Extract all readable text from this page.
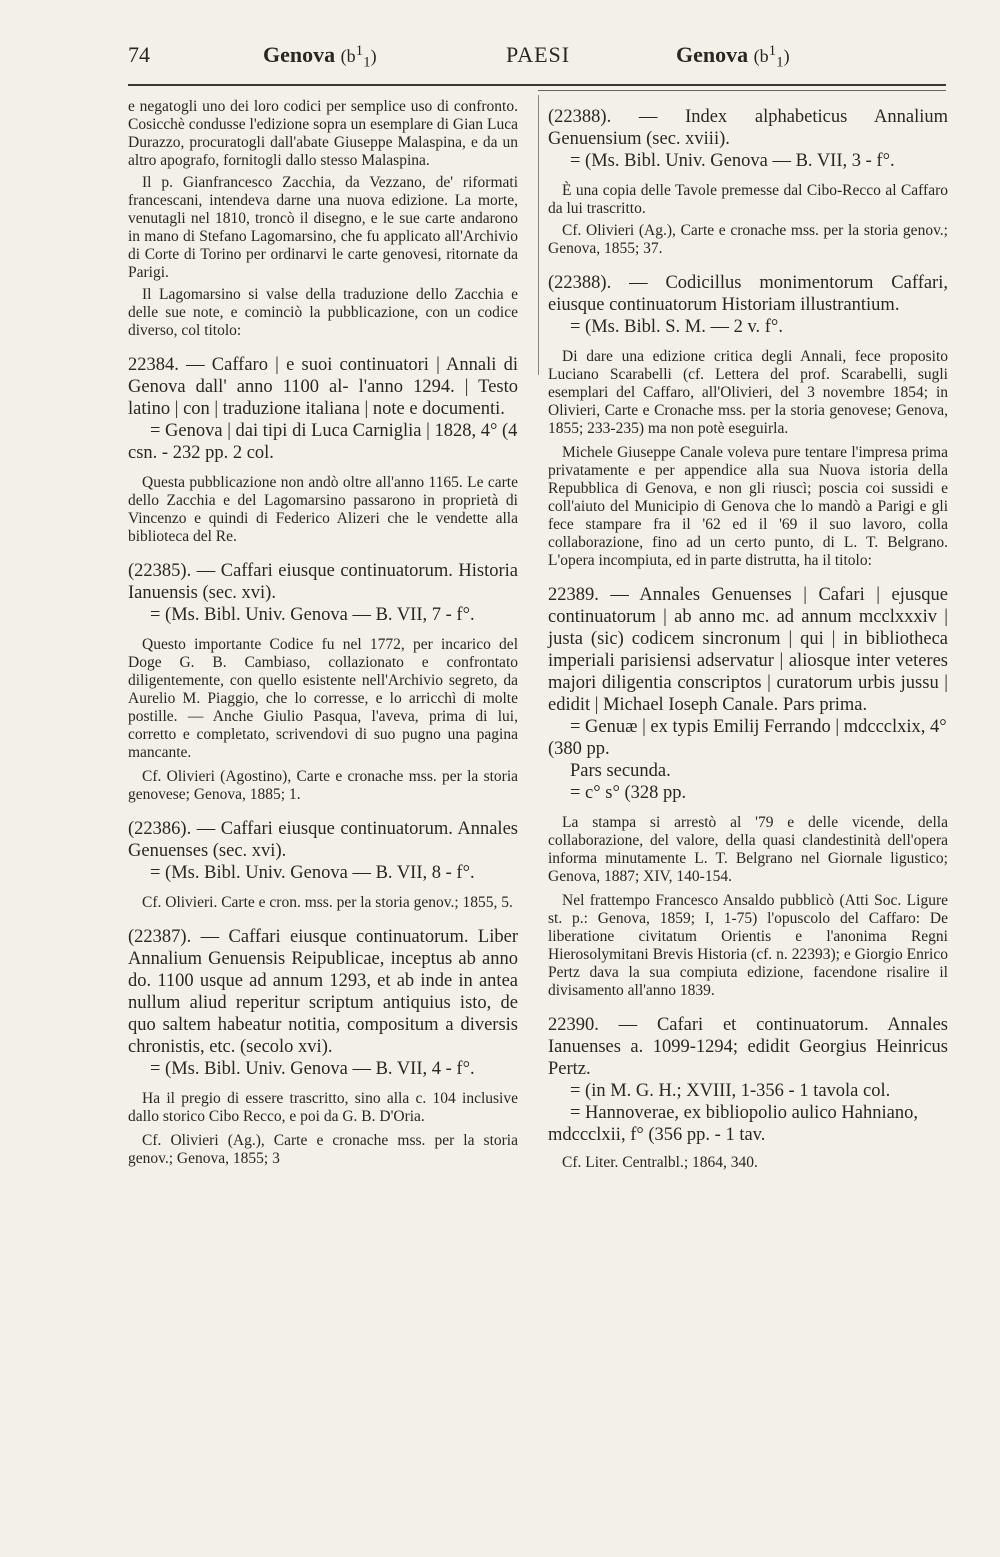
74	Genova $(b^1_1)$	PAESI	Genova $(b^1_1)$

e negatogli uno dei loro codici per semplice uso di confronto. Cosicchè condusse l'edizione sopra un esemplare di Gian Luca Durazzo, procuratogli dall'abate Giuseppe Malaspina, e da un altro apografo, fornitogli dallo stesso Malaspina.

Il p. Gianfrancesco Zacchia, da Vezzano, de' riformati francescani, intendeva darne una nuova edizione. La morte, venutagli nel 1810, troncò il disegno, e le sue carte andarono in mano di Stefano Lagomarsino, che fu applicato all'Archivio di Corte di Torino per ordinarvi le carte genovesi, ritornate da Parigi.

Il Lagomarsino si valse della traduzione dello Zacchia e delle sue note, e cominciò la pubblicazione, con un codice diverso, col titolo:

22384. — Caffaro | e suoi continuatori | Annali di Genova dall' anno 1100 al- l'anno 1294. | Testo latino | con | traduzione italiana | note e documenti.

= Genova | dai tipi di Luca Carniglia | 1828, 4° (4 csn. - 232 pp. 2 col.

Questa pubblicazione non andò oltre all'anno 1165. Le carte dello Zacchia e del Lagomarsino passarono in proprietà di Vincenzo e quindi di Federico Alizeri che le vendette alla biblioteca del Re.

(22385). — Caffari eiusque continuatorum. Historia Ianuensis (sec. xvi).

= (Ms. Bibl. Univ. Genova — B. VII, 7 - f°.

Questo importante Codice fu nel 1772, per incarico del Doge G. B. Cambiaso, collazionato e confrontato diligentemente, con quello esistente nell'Archivio segreto, da Aurelio M. Piaggio, che lo corresse, e lo arricchì di molte postille. — Anche Giulio Pasqua, l'aveva, prima di lui, corretto e completato, scrivendovi di suo pugno una pagina mancante.

Cf. Olivieri (Agostino), Carte e cronache mss. per la storia genovese; Genova, 1885; 1.

(22386). — Caffari eiusque continuatorum. Annales Genuenses (sec. xvi).

= (Ms. Bibl. Univ. Genova — B. VII, 8 - f°.

Cf. Olivieri. Carte e cron. mss. per la storia genov.; 1855, 5.

(22387). — Caffari eiusque continuatorum. Liber Annalium Genuensis Reipublicae, inceptus ab anno do. 1100 usque ad annum 1293, et ab inde in antea nullum aliud reperitur scriptum antiquius isto, de quo saltem habeatur notitia, compositum a diversis chronistis, etc. (secolo xvi).

= (Ms. Bibl. Univ. Genova — B. VII, 4 - f°.

Ha il pregio di essere trascritto, sino alla c. 104 inclusive dallo storico Cibo Recco, e poi da G. B. D'Oria.

Cf. Olivieri (Ag.), Carte e cronache mss. per la storia genov.; Genova, 1855; 3

(22388). — Index alphabeticus Annalium Genuensium (sec. xviii).

= (Ms. Bibl. Univ. Genova — B. VII, 3 - f°.

È una copia delle Tavole premesse dal Cibo-Recco al Caffaro da lui trascritto.

Cf. Olivieri (Ag.), Carte e cronache mss. per la storia genov.; Genova, 1855; 37.

(22388). — Codicillus monimentorum Caffari, eiusque continuatorum Historiam illustrantium.

= (Ms. Bibl. S. M. — 2 v. f°.

Di dare una edizione critica degli Annali, fece proposito Luciano Scarabelli (cf. Lettera del prof. Scarabelli, sugli esemplari del Caffaro, all'Olivieri, del 3 novembre 1854; in Olivieri, Carte e Cronache mss. per la storia genovese; Genova, 1855; 233-235) ma non potè eseguirla.

Michele Giuseppe Canale voleva pure tentare l'impresa prima privatamente e per appendice alla sua Nuova istoria della Repubblica di Genova, e non gli riuscì; poscia coi sussidi e coll'aiuto del Municipio di Genova che lo mandò a Parigi e gli fece stampare fra il '62 ed il '69 il suo lavoro, colla collaborazione, fino ad un certo punto, di L. T. Belgrano. L'opera incompiuta, ed in parte distrutta, ha il titolo:

22389. — Annales Genuenses | Cafari | ejusque continuatorum | ab anno mc. ad annum mcclxxxiv | justa (sic) codicem sincronum | qui | in bibliotheca imperiali parisiensi adservatur | aliosque inter veteres majori diligentia conscriptos | curatorum urbis jussu | edidit | Michael Ioseph Canale. Pars prima.

= Genuæ | ex typis Emilij Ferrando | mdccclxix, 4° (380 pp.

Pars secunda.

= c° s° (328 pp.

La stampa si arrestò al '79 e delle vicende, della collaborazione, del valore, della quasi clandestinità dell'opera informa minutamente L. T. Belgrano nel Giornale ligustico; Genova, 1887; XIV, 140-154.

Nel frattempo Francesco Ansaldo pubblicò (Atti Soc. Ligure st. p.: Genova, 1859; I, 1-75) l'opuscolo del Caffaro: De liberatione civitatum Orientis e l'anonima Regni Hierosolymitani Brevis Historia (cf. n. 22393); e Giorgio Enrico Pertz dava la sua compiuta edizione, facendone risalire il divisamento all'anno 1839.

22390. — Cafari et continuatorum. Annales Ianuenses a. 1099-1294; edidit Georgius Heinricus Pertz.

= (in M. G. H.; XVIII, 1-356 - 1 tavola col.

= Hannoverae, ex bibliopolio aulico Hahniano, mdccclxii, f° (356 pp. - 1 tav.

Cf. Liter. Centralbl.; 1864, 340.
